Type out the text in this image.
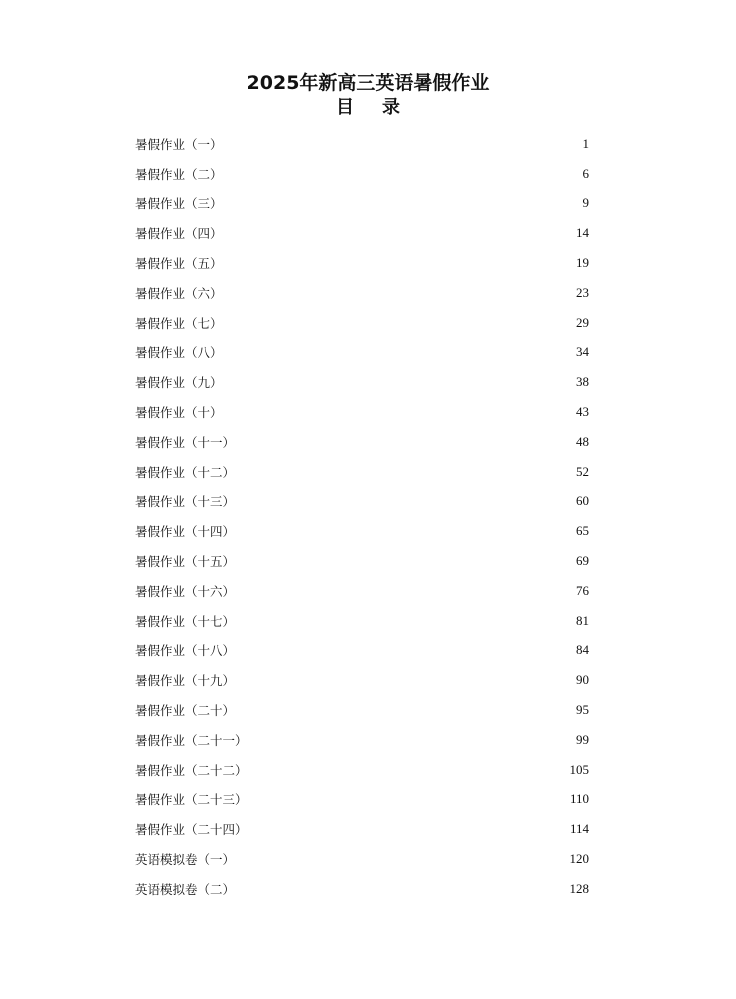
2025年新高三英语暑假作业
目 录
暑假作业（一）	1
暑假作业（二）	6
暑假作业（三）	9
暑假作业（四）	14
暑假作业（五）	19
暑假作业（六）	23
暑假作业（七）	29
暑假作业（八）	34
暑假作业（九）	38
暑假作业（十）	43
暑假作业（十一）	48
暑假作业（十二）	52
暑假作业（十三）	60
暑假作业（十四）	65
暑假作业（十五）	69
暑假作业（十六）	76
暑假作业（十七）	81
暑假作业（十八）	84
暑假作业（十九）	90
暑假作业（二十）	95
暑假作业（二十一）	99
暑假作业（二十二）	105
暑假作业（二十三）	110
暑假作业（二十四）	114
英语模拟卷（一）	120
英语模拟卷（二）	128
